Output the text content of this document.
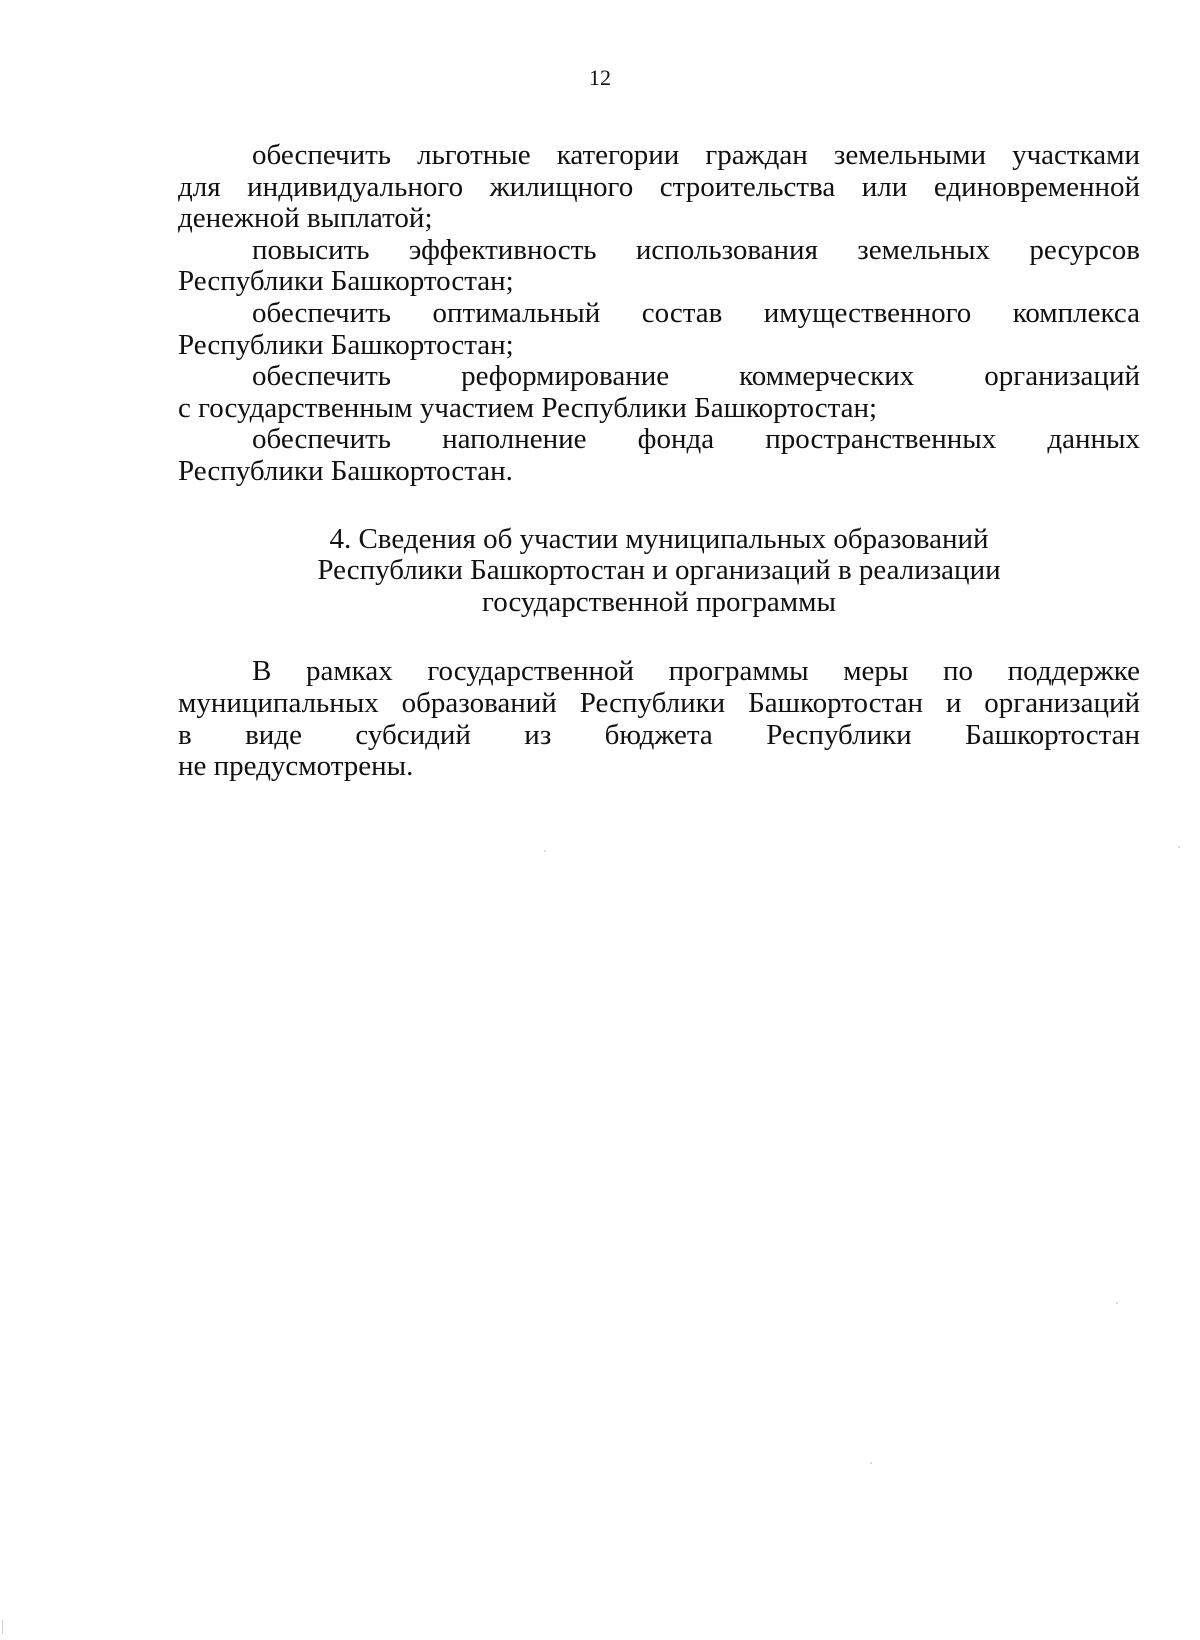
12
обеспечить льготные категории граждан земельными участками
для индивидуального жилищного строительства или единовременной
денежной выплатой;
повысить эффективность использования земельных ресурсов
Республики Башкортостан;
обеспечить оптимальный состав имущественного комплекса
Республики Башкортостан;
обеспечить реформирование коммерческих организаций
с государственным участием Республики Башкортостан;
обеспечить наполнение фонда пространственных данных
Республики Башкортостан.
4. Сведения об участии муниципальных образований
Республики Башкортостан и организаций в реализации
государственной программы
В рамках государственной программы меры по поддержке
муниципальных образований Республики Башкортостан и организаций
в виде субсидий из бюджета Республики Башкортостан
не предусмотрены.
